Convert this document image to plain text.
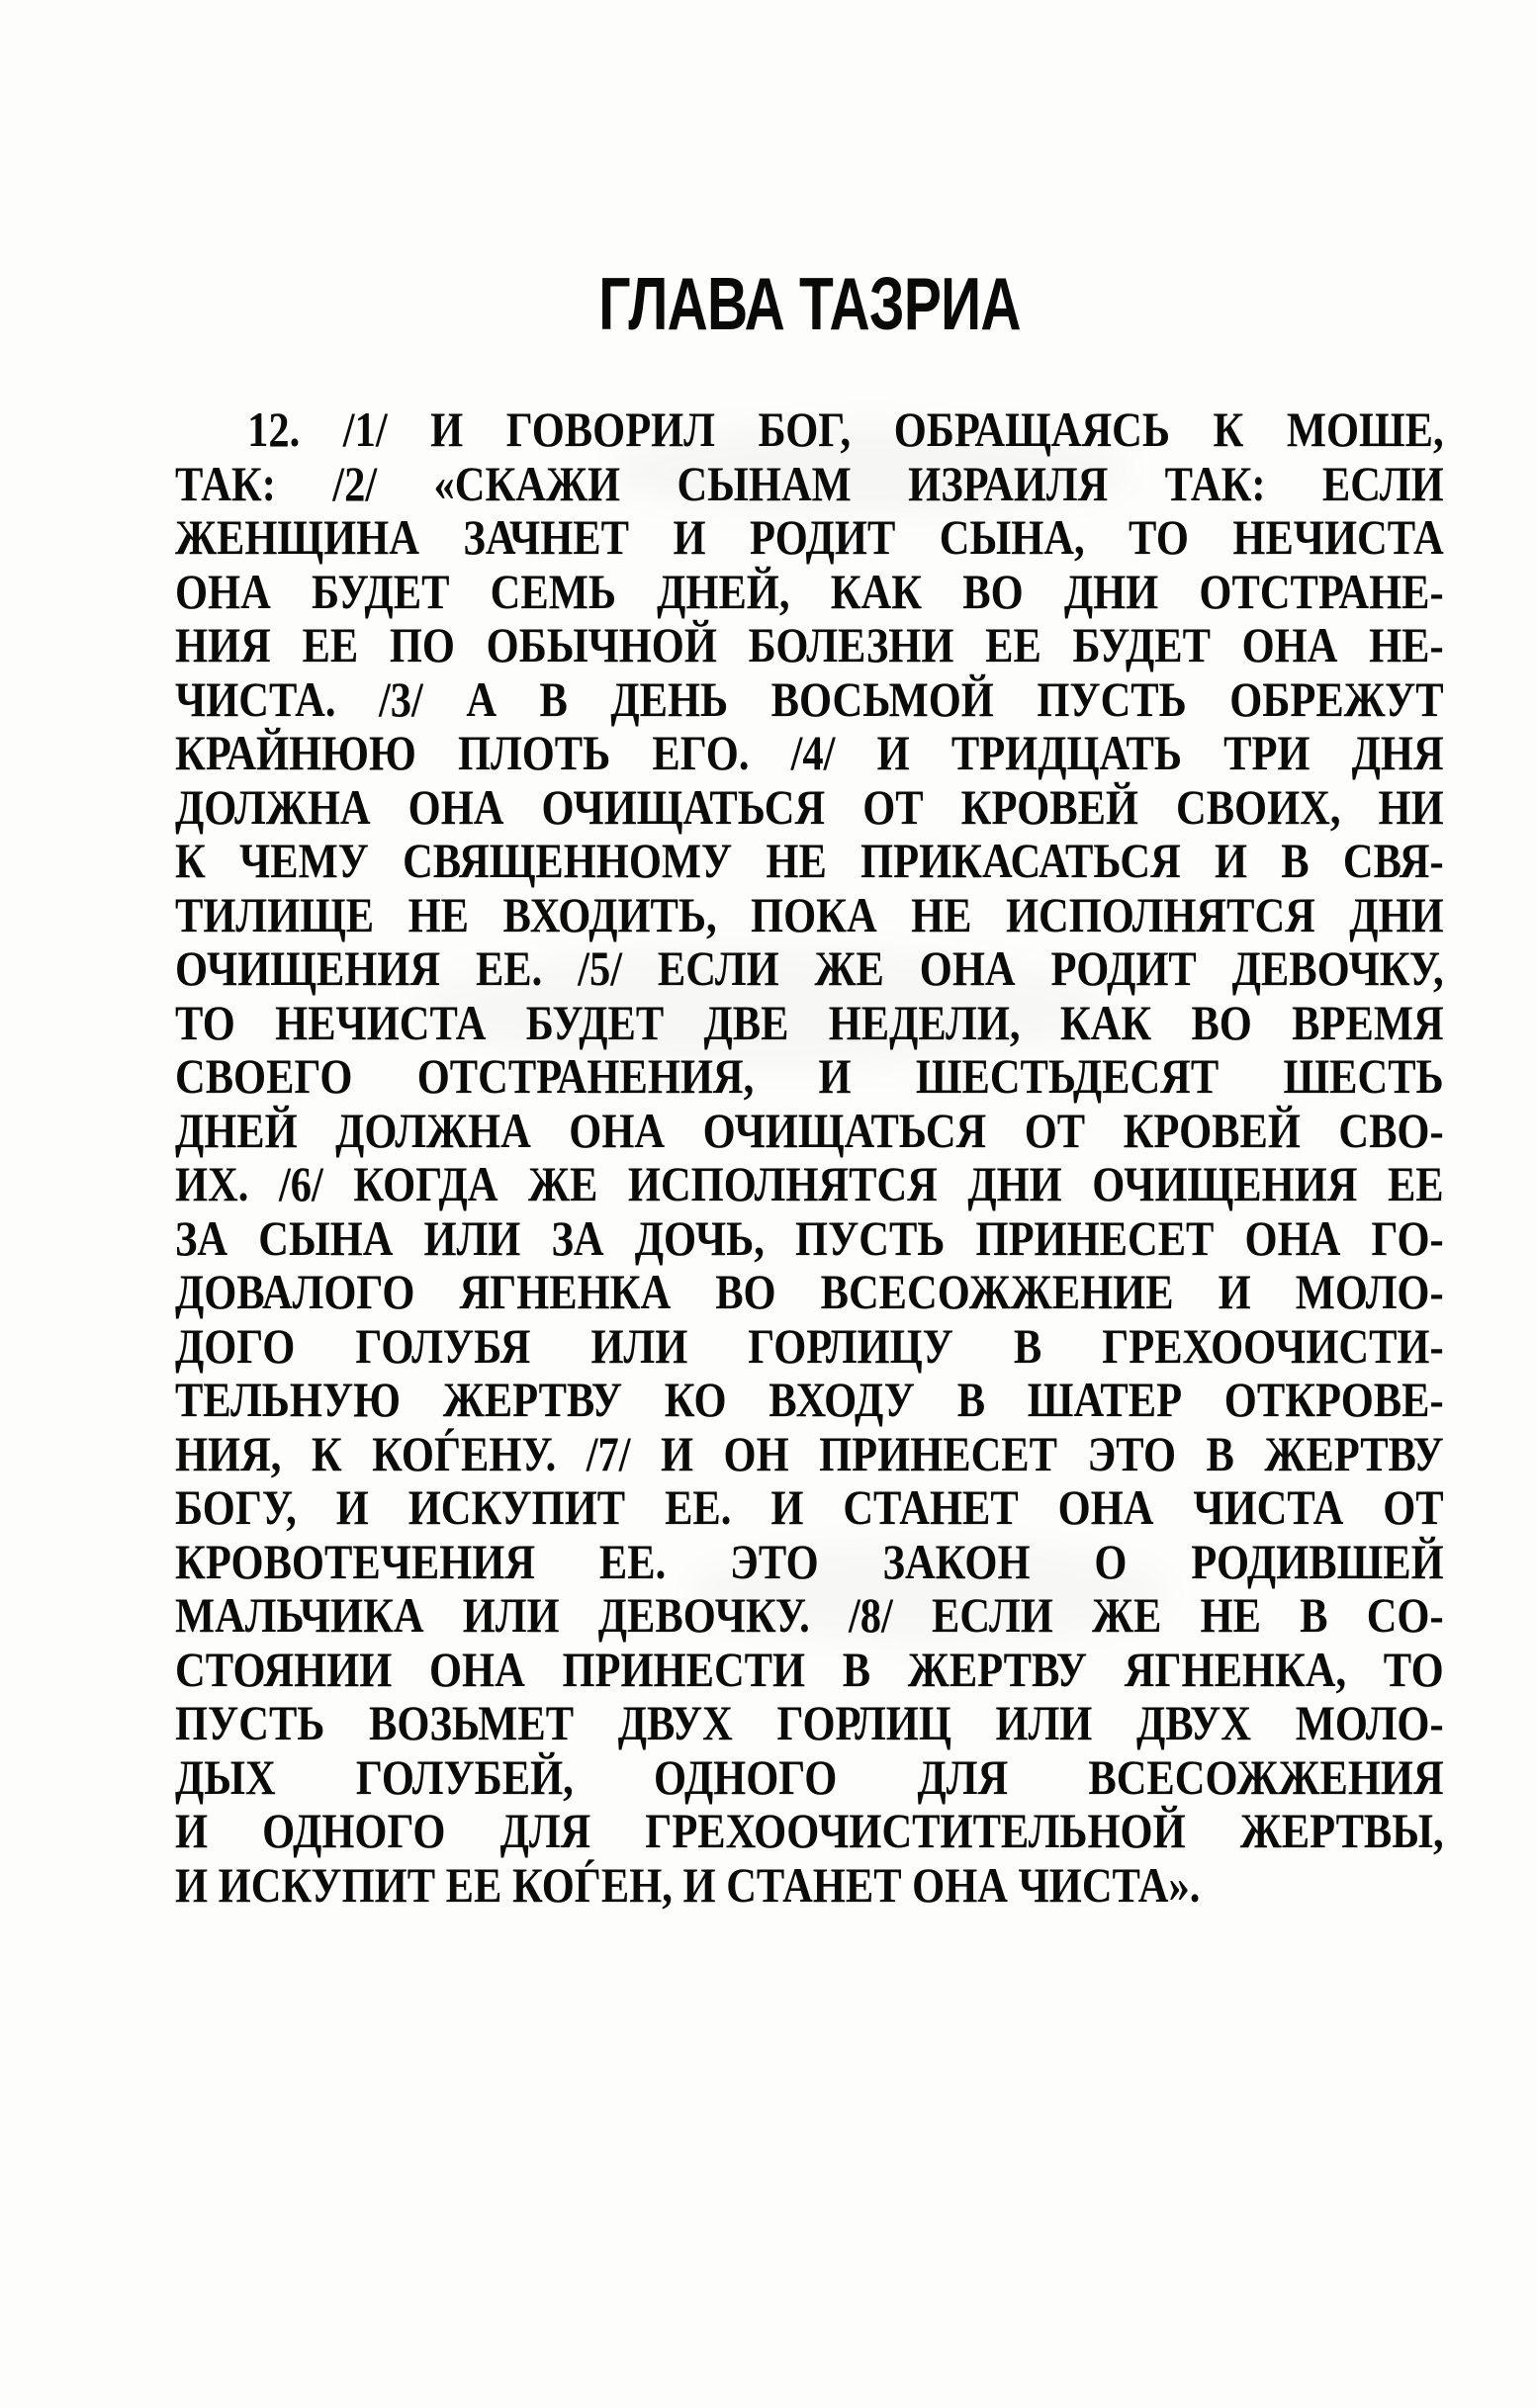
ГЛАВА ТАЗРИА
12. /1/ И ГОВОРИЛ БОГ, ОБРАЩАЯСЬ К МОШЕ,
ТАК: /2/ «СКАЖИ СЫНАМ ИЗРАИЛЯ ТАК: ЕСЛИ
ЖЕНЩИНА ЗАЧНЕТ И РОДИТ СЫНА, ТО НЕЧИСТА
ОНА БУДЕТ СЕМЬ ДНЕЙ, КАК ВО ДНИ ОТСТРАНЕ-
НИЯ ЕЕ ПО ОБЫЧНОЙ БОЛЕЗНИ ЕЕ БУДЕТ ОНА НЕ-
ЧИСТА. /3/ А В ДЕНЬ ВОСЬМОЙ ПУСТЬ ОБРЕЖУТ
КРАЙНЮЮ ПЛОТЬ ЕГО. /4/ И ТРИДЦАТЬ ТРИ ДНЯ
ДОЛЖНА ОНА ОЧИЩАТЬСЯ ОТ КРОВЕЙ СВОИХ, НИ
К ЧЕМУ СВЯЩЕННОМУ НЕ ПРИКАСАТЬСЯ И В СВЯ-
ТИЛИЩЕ НЕ ВХОДИТЬ, ПОКА НЕ ИСПОЛНЯТСЯ ДНИ
ОЧИЩЕНИЯ ЕЕ. /5/ ЕСЛИ ЖЕ ОНА РОДИТ ДЕВОЧКУ,
ТО НЕЧИСТА БУДЕТ ДВЕ НЕДЕЛИ, КАК ВО ВРЕМЯ
СВОЕГО ОТСТРАНЕНИЯ, И ШЕСТЬДЕСЯТ ШЕСТЬ
ДНЕЙ ДОЛЖНА ОНА ОЧИЩАТЬСЯ ОТ КРОВЕЙ СВО-
ИХ. /6/ КОГДА ЖЕ ИСПОЛНЯТСЯ ДНИ ОЧИЩЕНИЯ ЕЕ
ЗА СЫНА ИЛИ ЗА ДОЧЬ, ПУСТЬ ПРИНЕСЕТ ОНА ГО-
ДОВАЛОГО ЯГНЕНКА ВО ВСЕСОЖЖЕНИЕ И МОЛО-
ДОГО ГОЛУБЯ ИЛИ ГОРЛИЦУ В ГРЕХООЧИСТИ-
ТЕЛЬНУЮ ЖЕРТВУ КО ВХОДУ В ШАТЕР ОТКРОВЕ-
НИЯ, К КОЃЕНУ. /7/ И ОН ПРИНЕСЕТ ЭТО В ЖЕРТВУ
БОГУ, И ИСКУПИТ ЕЕ. И СТАНЕТ ОНА ЧИСТА ОТ
КРОВОТЕЧЕНИЯ ЕЕ. ЭТО ЗАКОН О РОДИВШЕЙ
МАЛЬЧИКА ИЛИ ДЕВОЧКУ. /8/ ЕСЛИ ЖЕ НЕ В СО-
СТОЯНИИ ОНА ПРИНЕСТИ В ЖЕРТВУ ЯГНЕНКА, ТО
ПУСТЬ ВОЗЬМЕТ ДВУХ ГОРЛИЦ ИЛИ ДВУХ МОЛО-
ДЫХ ГОЛУБЕЙ, ОДНОГО ДЛЯ ВСЕСОЖЖЕНИЯ
И ОДНОГО ДЛЯ ГРЕХООЧИСТИТЕЛЬНОЙ ЖЕРТВЫ,
И ИСКУПИТ ЕЕ КОЃЕН, И СТАНЕТ ОНА ЧИСТА».
